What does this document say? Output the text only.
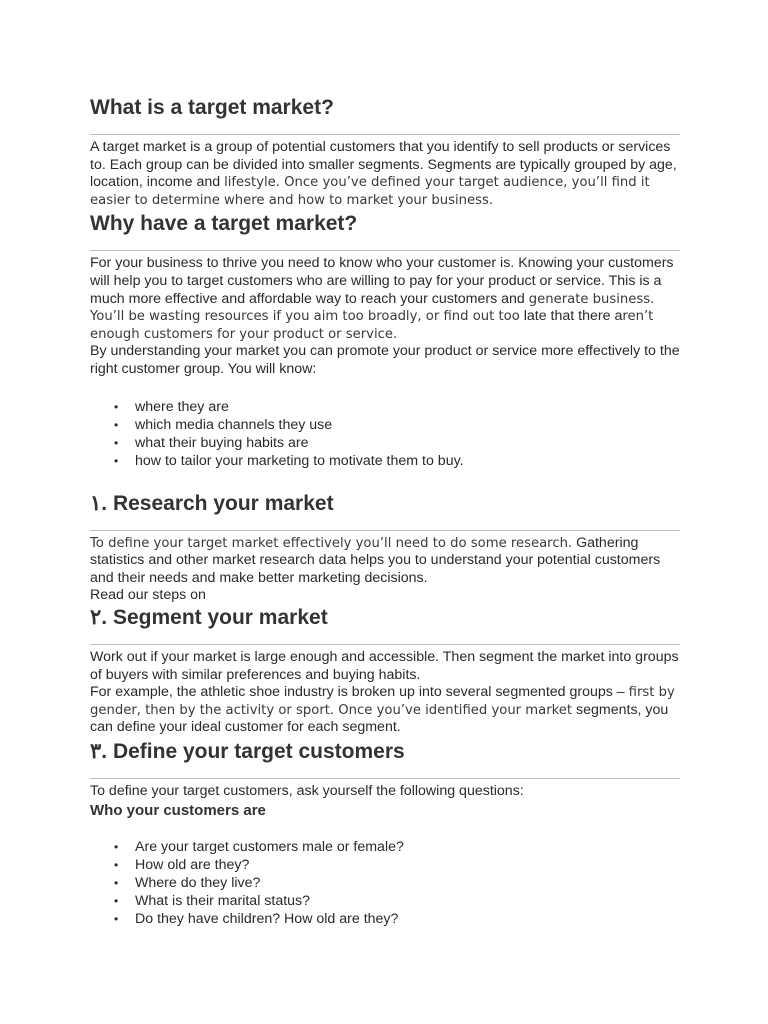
What is a target market?

A target market is a group of potential customers that you identify to sell products or services to. Each group can be divided into smaller segments. Segments are typically grouped by age, location, income and lifestyle. Once you’ve defined your target audience, you’ll find it easier to determine where and how to market your business.

Why have a target market?

For your business to thrive you need to know who your customer is. Knowing your customers will help you to target customers who are willing to pay for your product or service. This is a much more effective and affordable way to reach your customers and generate business. You’ll be wasting resources if you aim too broadly, or find out too late that there aren’t enough customers for your product or service.

By understanding your market you can promote your product or service more effectively to the right customer group. You will know:

• where they are
• which media channels they use
• what their buying habits are
• how to tailor your marketing to motivate them to buy.
١. Research your market

To define your target market effectively you’ll need to do some research. Gathering statistics and other market research data helps you to understand your potential customers and their needs and make better marketing decisions.

Read our steps on

٢. Segment your market

Work out if your market is large enough and accessible. Then segment the market into groups of buyers with similar preferences and buying habits.

For example, the athletic shoe industry is broken up into several segmented groups – first by gender, then by the activity or sport. Once you’ve identified your market segments, you can define your ideal customer for each segment.

٣. Define your target customers

To define your target customers, ask yourself the following questions:

Who your customers are
• Are your target customers male or female?
• How old are they?
• Where do they live?
• What is their marital status?
• Do they have children? How old are they?
